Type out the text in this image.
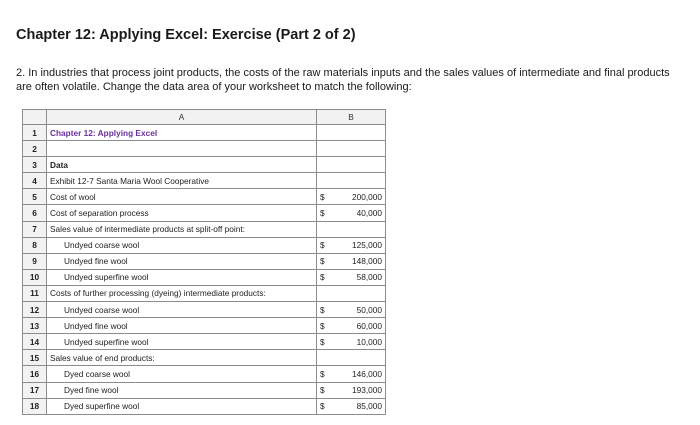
Chapter 12: Applying Excel: Exercise (Part 2 of 2)
2. In industries that process joint products, the costs of the raw materials inputs and the sales values of intermediate and final products are often volatile. Change the data area of your worksheet to match the following:
	A	B
1	Chapter 12: Applying Excel	
2		
3	Data	
4	Exhibit 12-7 Santa Maria Wool Cooperative	
5	Cost of wool	$ 200,000

6	Cost of separation process	$ 40,000

7	Sales value of intermediate products at split-off point:	
8	Undyed coarse wool	$ 125,000

9	Undyed fine wool	$ 148,000

10	Undyed superfine wool	$ 58,000

11	Costs of further processing (dyeing) intermediate products:	
12	Undyed coarse wool	$ 50,000

13	Undyed fine wool	$ 60,000

14	Undyed superfine wool	$ 10,000

15	Sales value of end products:	
16	Dyed coarse wool	$ 146,000

17	Dyed fine wool	$ 193,000

18	Dyed superfine wool	$ 85,000
